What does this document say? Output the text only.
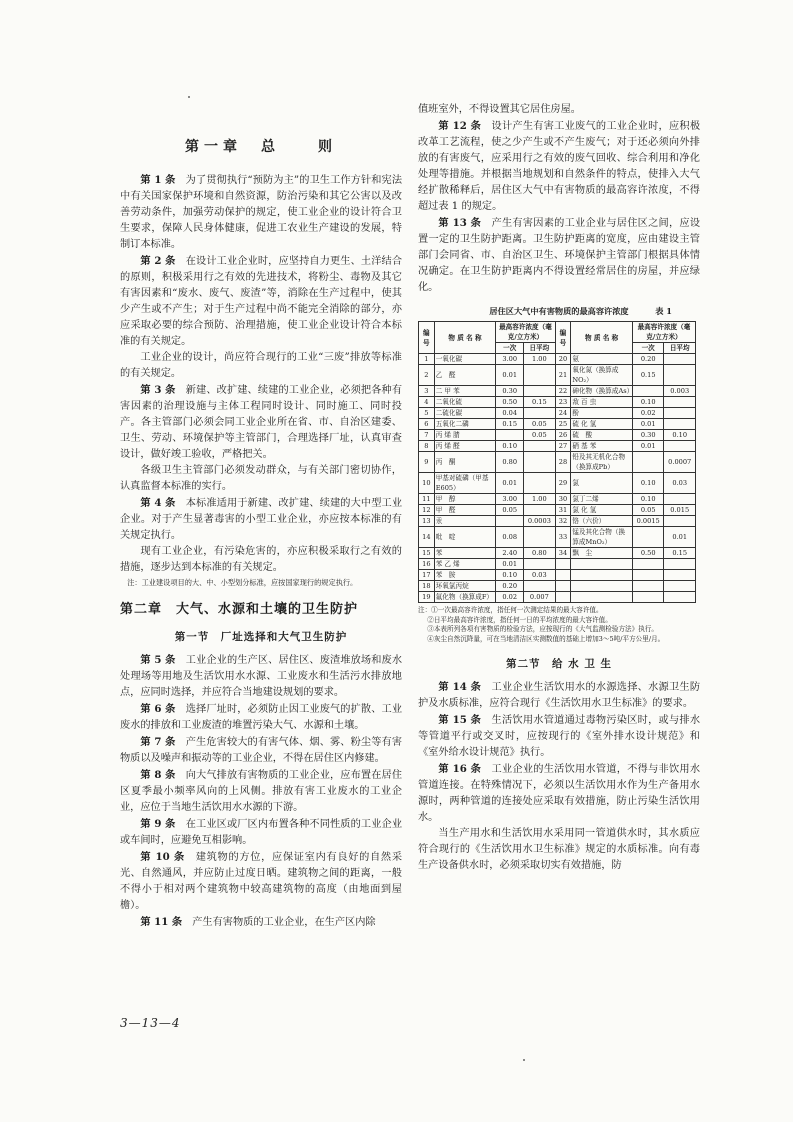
第一章　总　　则

第 1 条　 为了贯彻执行“预防为主”的卫生工作方针和宪法中有关国家保护环境和自然资源，防治污染和其它公害以及改善劳动条件，加强劳动保护的规定，使工业企业的设计符合卫生要求，保障人民身体健康，促进工农业生产建设的发展，特制订本标准。

第 2 条　 在设计工业企业时，应坚持自力更生、土洋结合的原则，积极采用行之有效的先进技术，将粉尘、毒物及其它有害因素和“废水、废气、废渣”等，消除在生产过程中，使其少产生或不产生；对于生产过程中尚不能完全消除的部分，亦应采取必要的综合预防、治理措施，使工业企业设计符合本标准的有关规定。

工业企业的设计，尚应符合现行的工业“三废”排放等标准的有关规定。

第 3 条　 新建、改扩建、续建的工业企业，必须把各种有害因素的治理设施与主体工程同时设计、同时施工、同时投产。各主管部门必须会同工业企业所在省、市、自治区建委、卫生、劳动、环境保护等主管部门，合理选择厂址，认真审查设计，做好竣工验收，严格把关。

各级卫生主管部门必须发动群众，与有关部门密切协作，认真监督本标准的实行。

第 4 条　 本标准适用于新建、改扩建、续建的大中型工业企业。对于产生显著毒害的小型工业企业，亦应按本标准的有关规定执行。

现有工业企业，有污染危害的，亦应积极采取行之有效的措施，逐步达到本标准的有关规定。

注：工业建设项目的大、中、小型划分标准，应按国家现行的规定执行。

第二章　大气、水源和土壤的卫生防护
第一节　厂址选择和大气卫生防护

第 5 条　 工业企业的生产区、居住区、废渣堆放场和废水处理场等用地及生活饮用水水源、工业废水和生活污水排放地点，应同时选择，并应符合当地建设规划的要求。

第 6 条　 选择厂址时，必须防止因工业废气的扩散、工业废水的排放和工业废渣的堆置污染大气、水源和土壤。

第 7 条　 产生危害较大的有害气体、烟、雾、粉尘等有害物质以及噪声和振动等的工业企业，不得在居住区内修建。

第 8 条　 向大气排放有害物质的工业企业，应布置在居住区夏季最小频率风向的上风侧。排放有害工业废水的工业企业，应位于当地生活饮用水水源的下游。

第 9 条　 在工业区或厂区内布置各种不同性质的工业企业或车间时，应避免互相影响。

第 10 条　 建筑物的方位，应保证室内有良好的自然采光、自然通风，并应防止过度日晒。建筑物之间的距离，一般不得小于相对两个建筑物中较高建筑物的高度（由地面到屋檐）。

第 11 条　 产生有害物质的工业企业，在生产区内除

3—13—4

值班室外，不得设置其它居住房屋。

第 12 条　 设计产生有害工业废气的工业企业时，应积极改革工艺流程，使之少产生或不产生废气；对于还必须向外排放的有害废气，应采用行之有效的废气回收、综合利用和净化处理等措施。并根据当地规划和自然条件的特点，使排入大气经扩散稀释后，居住区大气中有害物质的最高容许浓度，不得超过表 1 的规定。

第 13 条　 产生有害因素的工业企业与居住区之间，应设置一定的卫生防护距离。卫生防护距离的宽度，应由建设主管部门会同省、市、自治区卫生、环境保护主管部门根据具体情况确定。在卫生防护距离内不得设置经常居住的房屋，并应绿化。

居住区大气中有害物质的最高容许浓度	表 1
编号	物 质 名 称	最高容许浓度（毫克/立方米）		编号	物 质 名 称	最高容许浓度（毫克/立方米）	
		一次	日平均			一次	日平均
1	一氧化碳	3.00	1.00	20	氨	0.20	
2	乙　醛	0.01		21	氧化氮（换算成NO₂）	0.15	
3	二 甲 苯	0.30		22	砷化物（换算成As）		0.003
4	二氧化硫	0.50	0.15	23	敌 百 虫	0.10	
5	二硫化碳	0.04		24	酚	0.02	
6	五氧化二磷	0.15	0.05	25	硫 化 氢	0.01	
7	丙 烯 腈		0.05	26	硫　酸	0.30	0.10
8	丙 烯 醛	0.10		27	硝 基 苯	0.01	
9	丙　酮	0.80		28	铅及其无机化合物（换算成Pb）		0.0007
10	甲基对硫磷（甲基E605）	0.01		29	氯	0.10	0.03
11	甲　醇	3.00	1.00	30	氯丁二烯	0.10	
12	甲　醛	0.05		31	氯 化 氢	0.05	0.015
13	汞		0.0003	32	铬（六价）	0.0015	
14	吡　啶	0.08		33	锰及其化合物（换算成MnO₂）		0.01
15	苯	2.40	0.80	34	飘　尘	0.50	0.15
16	苯 乙 烯	0.01					
17	苯　胺	0.10	0.03				
18	环氧氯丙烷	0.20					
19	氟化物（换算成F）	0.02	0.007				
注：①一次最高容许浓度，指任何一次测定结果的最大容许值。
②日平均最高容许浓度，指任何一日的平均浓度的最大容许值。
③本表所列各项有害物质的检验方法，应按现行的《大气监测检验方法》执行。
④灰尘自然沉降量，可在当地清洁区实测数值的基础上增加3～5吨/平方公里/月。
第二节　给 水 卫 生

第 14 条　 工业企业生活饮用水的水源选择、水源卫生防护及水质标准，应符合现行《生活饮用水卫生标准》的要求。

第 15 条　 生活饮用水管道通过毒物污染区时，或与排水等管道平行或交叉时，应按现行的《室外排水设计规范》和《室外给水设计规范》执行。

第 16 条　 工业企业的生活饮用水管道，不得与非饮用水管道连接。在特殊情况下，必须以生活饮用水作为生产备用水源时，两种管道的连接处应采取有效措施，防止污染生活饮用水。

当生产用水和生活饮用水采用同一管道供水时，其水质应符合现行的《生活饮用水卫生标准》规定的水质标准。向有毒生产设备供水时，必须采取切实有效措施，防
